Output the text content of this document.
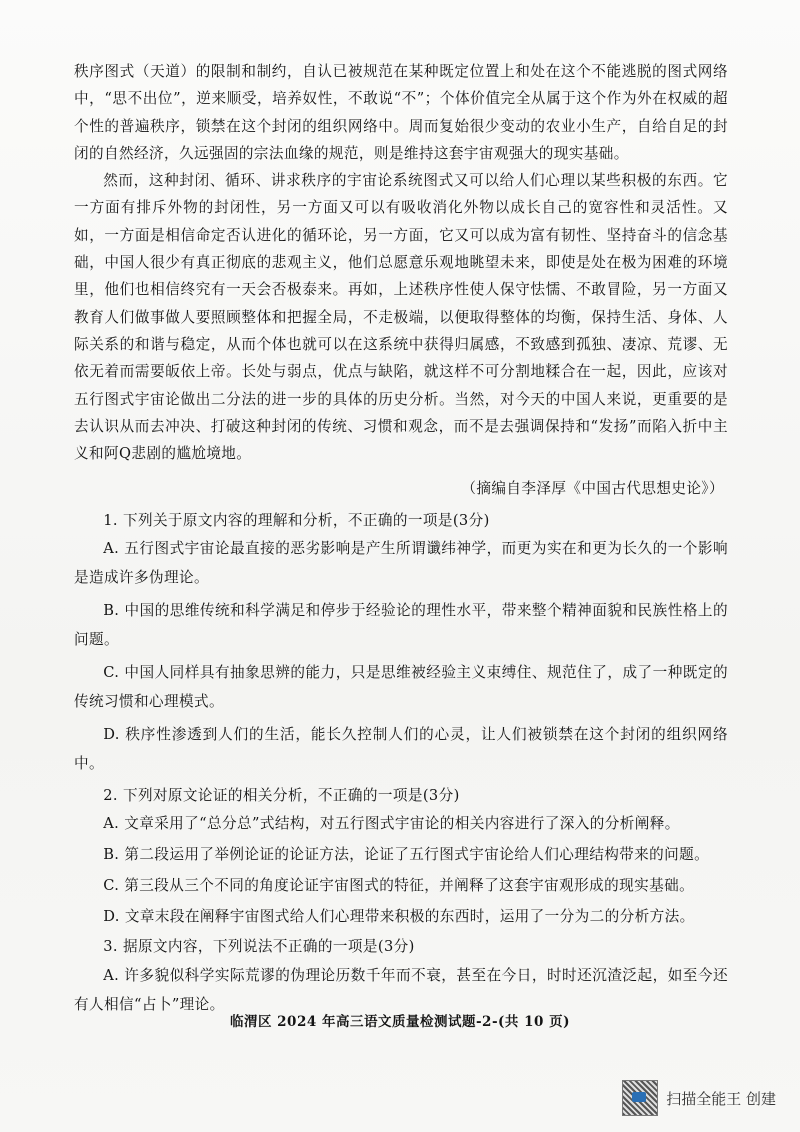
秩序图式（天道）的限制和制约，自认已被规范在某种既定位置上和处在这个不能逃脱的图式网络中，“思不出位”，逆来顺受，培养奴性，不敢说“不”；个体价值完全从属于这个作为外在权威的超个性的普遍秩序，锁禁在这个封闭的组织网络中。周而复始很少变动的农业小生产，自给自足的封闭的自然经济，久远强固的宗法血缘的规范，则是维持这套宇宙观强大的现实基础。

然而，这种封闭、循环、讲求秩序的宇宙论系统图式又可以给人们心理以某些积极的东西。它一方面有排斥外物的封闭性，另一方面又可以有吸收消化外物以成长自己的宽容性和灵活性。又如，一方面是相信命定否认进化的循环论，另一方面，它又可以成为富有韧性、坚持奋斗的信念基础，中国人很少有真正彻底的悲观主义，他们总愿意乐观地眺望未来，即使是处在极为困难的环境里，他们也相信终究有一天会否极泰来。再如，上述秩序性使人保守怯懦、不敢冒险，另一方面又教育人们做事做人要照顾整体和把握全局，不走极端，以便取得整体的均衡，保持生活、身体、人际关系的和谐与稳定，从而个体也就可以在这系统中获得归属感，不致感到孤独、凄凉、荒谬、无依无着而需要皈依上帝。长处与弱点，优点与缺陷，就这样不可分割地糅合在一起，因此，应该对五行图式宇宙论做出二分法的进一步的具体的历史分析。当然，对今天的中国人来说，更重要的是去认识从而去冲决、打破这种封闭的传统、习惯和观念，而不是去强调保持和“发扬”而陷入折中主义和阿Q悲剧的尴尬境地。

（摘编自李泽厚《中国古代思想史论》）

1. 下列关于原文内容的理解和分析，不正确的一项是(3分)

A. 五行图式宇宙论最直接的恶劣影响是产生所谓谶纬神学，而更为实在和更为长久的一个影响是造成许多伪理论。

B. 中国的思维传统和科学满足和停步于经验论的理性水平，带来整个精神面貌和民族性格上的问题。

C. 中国人同样具有抽象思辨的能力，只是思维被经验主义束缚住、规范住了，成了一种既定的传统习惯和心理模式。

D. 秩序性渗透到人们的生活，能长久控制人们的心灵，让人们被锁禁在这个封闭的组织网络中。

2. 下列对原文论证的相关分析，不正确的一项是(3分)

A. 文章采用了“总分总”式结构，对五行图式宇宙论的相关内容进行了深入的分析阐释。

B. 第二段运用了举例论证的论证方法，论证了五行图式宇宙论给人们心理结构带来的问题。

C. 第三段从三个不同的角度论证宇宙图式的特征，并阐释了这套宇宙观形成的现实基础。

D. 文章末段在阐释宇宙图式给人们心理带来积极的东西时，运用了一分为二的分析方法。

3. 据原文内容，下列说法不正确的一项是(3分)

A. 许多貌似科学实际荒谬的伪理论历数千年而不衰，甚至在今日，时时还沉渣泛起，如至今还有人相信“占卜”理论。

临渭区 2024 年高三语文质量检测试题-2-(共 10 页)
扫描全能王 创建
